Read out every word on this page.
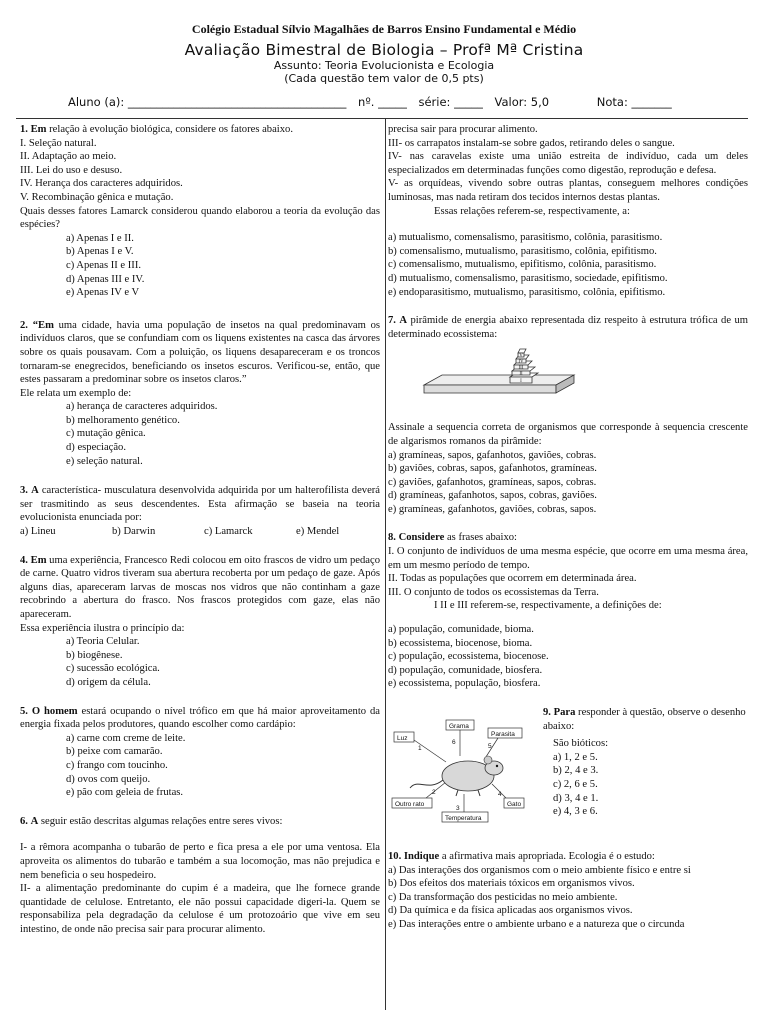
Colégio Estadual Sílvio Magalhães de Barros Ensino Fundamental e Médio
Avaliação Bimestral de Biologia – Profª Mª Cristina
Assunto: Teoria Evolucionista e Ecologia
(Cada questão tem valor de 0,5 pts)
Aluno (a): ______________________________________ nº. _____ série: _____ Valor: 5,0	Nota: _______

1. Em relação à evolução biológica, considere os fatores abaixo.

I. Seleção natural.

II. Adaptação ao meio.

III. Lei do uso e desuso.

IV. Herança dos caracteres adquiridos.

V. Recombinação gênica e mutação.

Quais desses fatores Lamarck considerou quando elaborou a teoria da evolução das espécies?

a) Apenas I e II.

b) Apenas I e V.

c) Apenas II e III.

d) Apenas III e IV.

e) Apenas IV e V

2. “Em uma cidade, havia uma população de insetos na qual predominavam os indivíduos claros, que se confundiam com os liquens existentes na casca das árvores sobre os quais pousavam. Com a poluição, os liquens desapareceram e os troncos tornaram-se enegrecidos, beneficiando os insetos escuros. Verificou-se, então, que estes passaram a predominar sobre os insetos claros.”

Ele relata um exemplo de:

a) herança de caracteres adquiridos.

b) melhoramento genético.

c) mutação gênica.

d) especiação.

e) seleção natural.

3. A característica- musculatura desenvolvida adquirida por um halterofilista deverá ser trasmitindo as seus descendentes. Esta afirmação se baseia na teoria evolucionista enunciada por:

a) Lineu	b) Darwin	c) Lamarck	e) Mendel

4. Em uma experiência, Francesco Redi colocou em oito frascos de vidro um pedaço de carne. Quatro vidros tiveram sua abertura recoberta por um pedaço de gaze. Após alguns dias, apareceram larvas de moscas nos vidros que não continham a gaze recobrindo a abertura do frasco. Nos frascos protegidos com gaze, elas não apareceram.

Essa experiência ilustra o princípio da:

a) Teoria Celular.

b) biogênese.

c) sucessão ecológica.

d) origem da célula.

5. O homem estará ocupando o nível trófico em que há maior aproveitamento da energia fixada pelos produtores, quando escolher como cardápio:

a) carne com creme de leite.

b) peixe com camarão.

c) frango com toucinho.

d) ovos com queijo.

e) pão com geleia de frutas.

6. A seguir estão descritas algumas relações entre seres vivos:

I- a rêmora acompanha o tubarão de perto e fica presa a ele por uma ventosa. Ela aproveita os alimentos do tubarão e também a sua locomoção, mas não prejudica e nem beneficia o seu hospedeiro.

II- a alimentação predominante do cupim é a madeira, que lhe fornece grande quantidade de celulose. Entretanto, ele não possui capacidade digeri-la. Quem se responsabiliza pela degradação da celulose é um protozoário que vive em seu intestino, de onde não precisa sair para procurar alimento.

precisa sair para procurar alimento.

III- os carrapatos instalam-se sobre gados, retirando deles o sangue.

IV- nas caravelas existe uma união estreita de indivíduo, cada um deles especializados em determinadas funções como digestão, reprodução e defesa.

V- as orquídeas, vivendo sobre outras plantas, conseguem melhores condições luminosas, mas nada retiram dos tecidos internos destas plantas.

Essas relações referem-se, respectivamente, a:

a) mutualismo, comensalismo, parasitismo, colônia, parasitismo.

b) comensalismo, mutualismo, parasitismo, colônia, epifitismo.

c) comensalismo, mutualismo, epifitismo, colônia, parasitismo.

d) mutualismo, comensalismo, parasitismo, sociedade, epifitismo.

e) endoparasitismo, mutualismo, parasitismo, colônia, epifitismo.

7. A pirâmide de energia abaixo representada diz respeito à estrutura trófica de um determinado ecossistema:

I
II
III
IV
V

Assinale a sequencia correta de organismos que corresponde à sequencia crescente de algarismos romanos da pirâmide:

a) gramíneas, sapos, gafanhotos, gaviões, cobras.

b) gaviões, cobras, sapos, gafanhotos, gramíneas.

c) gaviões, gafanhotos, gramíneas, sapos, cobras.

d) gramíneas, gafanhotos, sapos, cobras, gaviões.

e) gramíneas, gafanhotos, gaviões, cobras, sapos.

8. Considere as frases abaixo:

I. O conjunto de indivíduos de uma mesma espécie, que ocorre em uma mesma área, em um mesmo período de tempo.

II. Todas as populações que ocorrem em determinada área.

III. O conjunto de todos os ecossistemas da Terra.

I II e III referem-se, respectivamente, a definições de:

a) população, comunidade, bioma.

b) ecossistema, biocenose, bioma.

c) população, ecossistema, biocenose.

d) população, comunidade, biosfera.

e) ecossistema, população, biosfera.

Luz
Grama
Parasita
Outro rato	Gato
Temperatura
1
2
3
4
5
6

9. Para responder à questão, observe o desenho abaixo:

São bióticos:

a) 1, 2 e 5.

b) 2, 4 e 3.

c) 2, 6 e 5.

d) 3, 4 e 1.

e) 4, 3 e 6.

10. Indique a afirmativa mais apropriada. Ecologia é o estudo:

a) Das interações dos organismos com o meio ambiente físico e entre si

b) Dos efeitos dos materiais tóxicos em organismos vivos.

c) Da transformação dos pesticidas no meio ambiente.

d) Da química e da física aplicadas aos organismos vivos.

e) Das interações entre o ambiente urbano e a natureza que o circunda
